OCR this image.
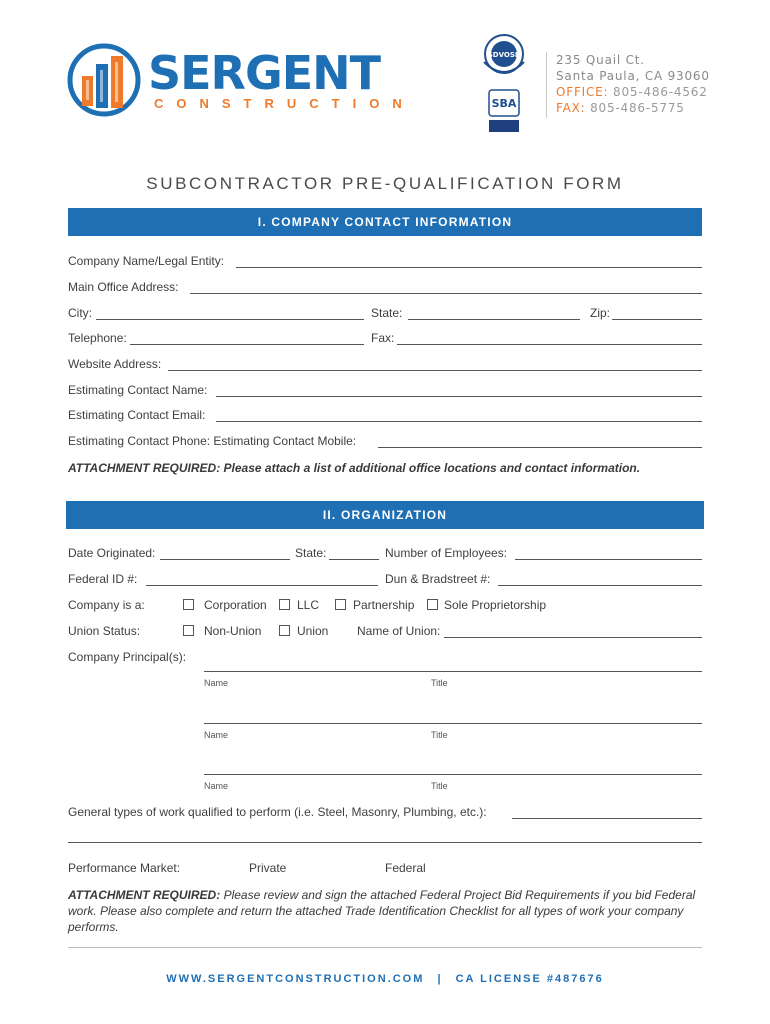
SERGENT
CONSTRUCTION
SDVOSB
SBA
235 Quail Ct.
Santa Paula, CA 93060
OFFICE: 805-486-4562
FAX: 805-486-5775
SUBCONTRACTOR PRE-QUALIFICATION FORM
I. COMPANY CONTACT INFORMATION
Company Name/Legal Entity:
Main Office Address:
City:	State:	Zip:
Telephone:	Fax:
Website Address:
Estimating Contact Name:
Estimating Contact Email:
Estimating Contact Phone: Estimating Contact Mobile:
ATTACHMENT REQUIRED: Please attach a list of additional office locations and contact information.
II. ORGANIZATION
Date Originated:	State:	Number of Employees:
Federal ID #:	Dun & Bradstreet #:
Company is a:	Corporation	LLC	Partnership Sole Proprietorship
Union Status:	Non-Union	Union Name of Union:
Company Principal(s):
Name	Title
Name	Title
Name	Title
General types of work qualified to perform (i.e. Steel, Masonry, Plumbing, etc.):
Performance Market:	Private	Federal
ATTACHMENT REQUIRED: Please review and sign the attached Federal Project Bid Requirements if you bid Federal work. Please also complete and return the attached Trade Identification Checklist for all types of work your company performs.
WWW.SERGENTCONSTRUCTION.COM | CA LICENSE #487676
